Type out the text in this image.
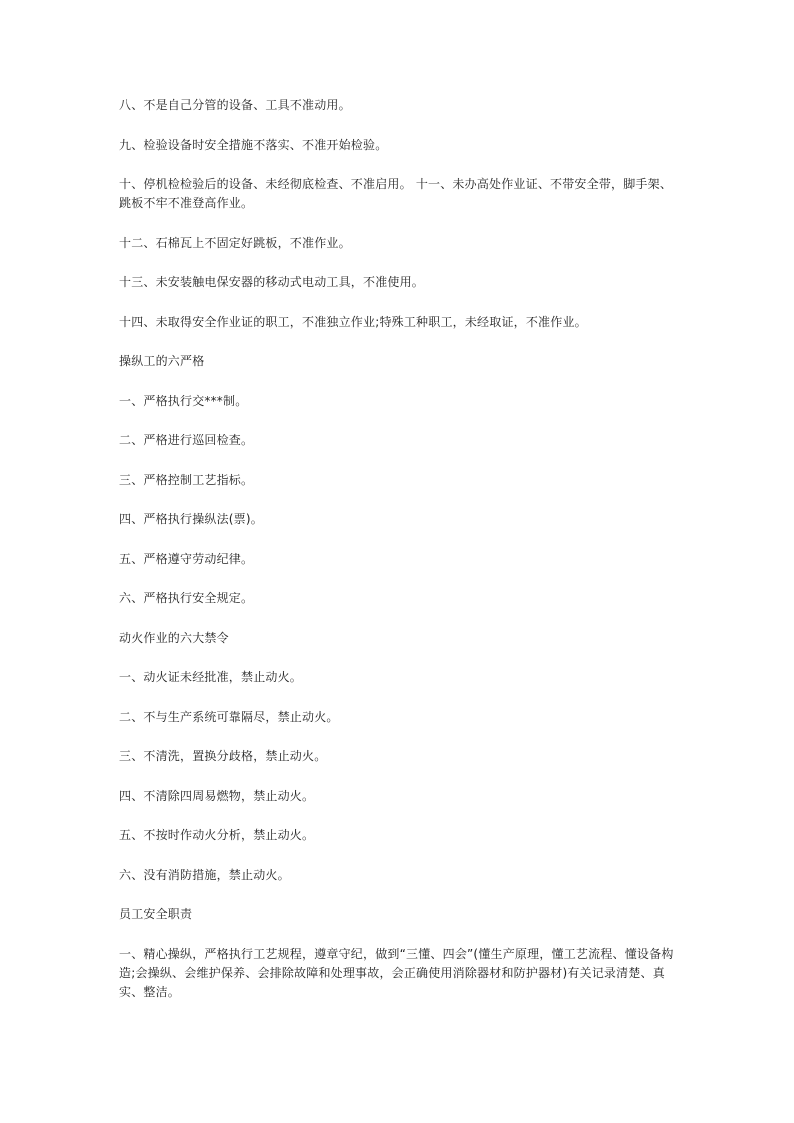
八、不是自己分管的设备、工具不准动用。

九、检验设备时安全措施不落实、不准开始检验。

十、停机检检验后的设备、未经彻底检查、不准启用。 十一、未办高处作业证、不带安全带，脚手架、跳板不牢不准登高作业。

十二、石棉瓦上不固定好跳板，不准作业。

十三、未安装触电保安器的移动式电动工具，不准使用。

十四、未取得安全作业证的职工，不准独立作业;特殊工种职工，未经取证，不准作业。

操纵工的六严格

一、严格执行交***制。

二、严格进行巡回检查。

三、严格控制工艺指标。

四、严格执行操纵法(票)。

五、严格遵守劳动纪律。

六、严格执行安全规定。

动火作业的六大禁令

一、动火证未经批准，禁止动火。

二、不与生产系统可靠隔尽，禁止动火。

三、不清洗，置换分歧格，禁止动火。

四、不清除四周易燃物，禁止动火。

五、不按时作动火分析，禁止动火。

六、没有消防措施，禁止动火。

员工安全职责

一、精心操纵，严格执行工艺规程，遵章守纪，做到“三懂、四会”(懂生产原理，懂工艺流程、懂设备构造;会操纵、会维护保养、会排除故障和处理事故，会正确使用消除器材和防护器材)有关记录清楚、真实、整洁。
